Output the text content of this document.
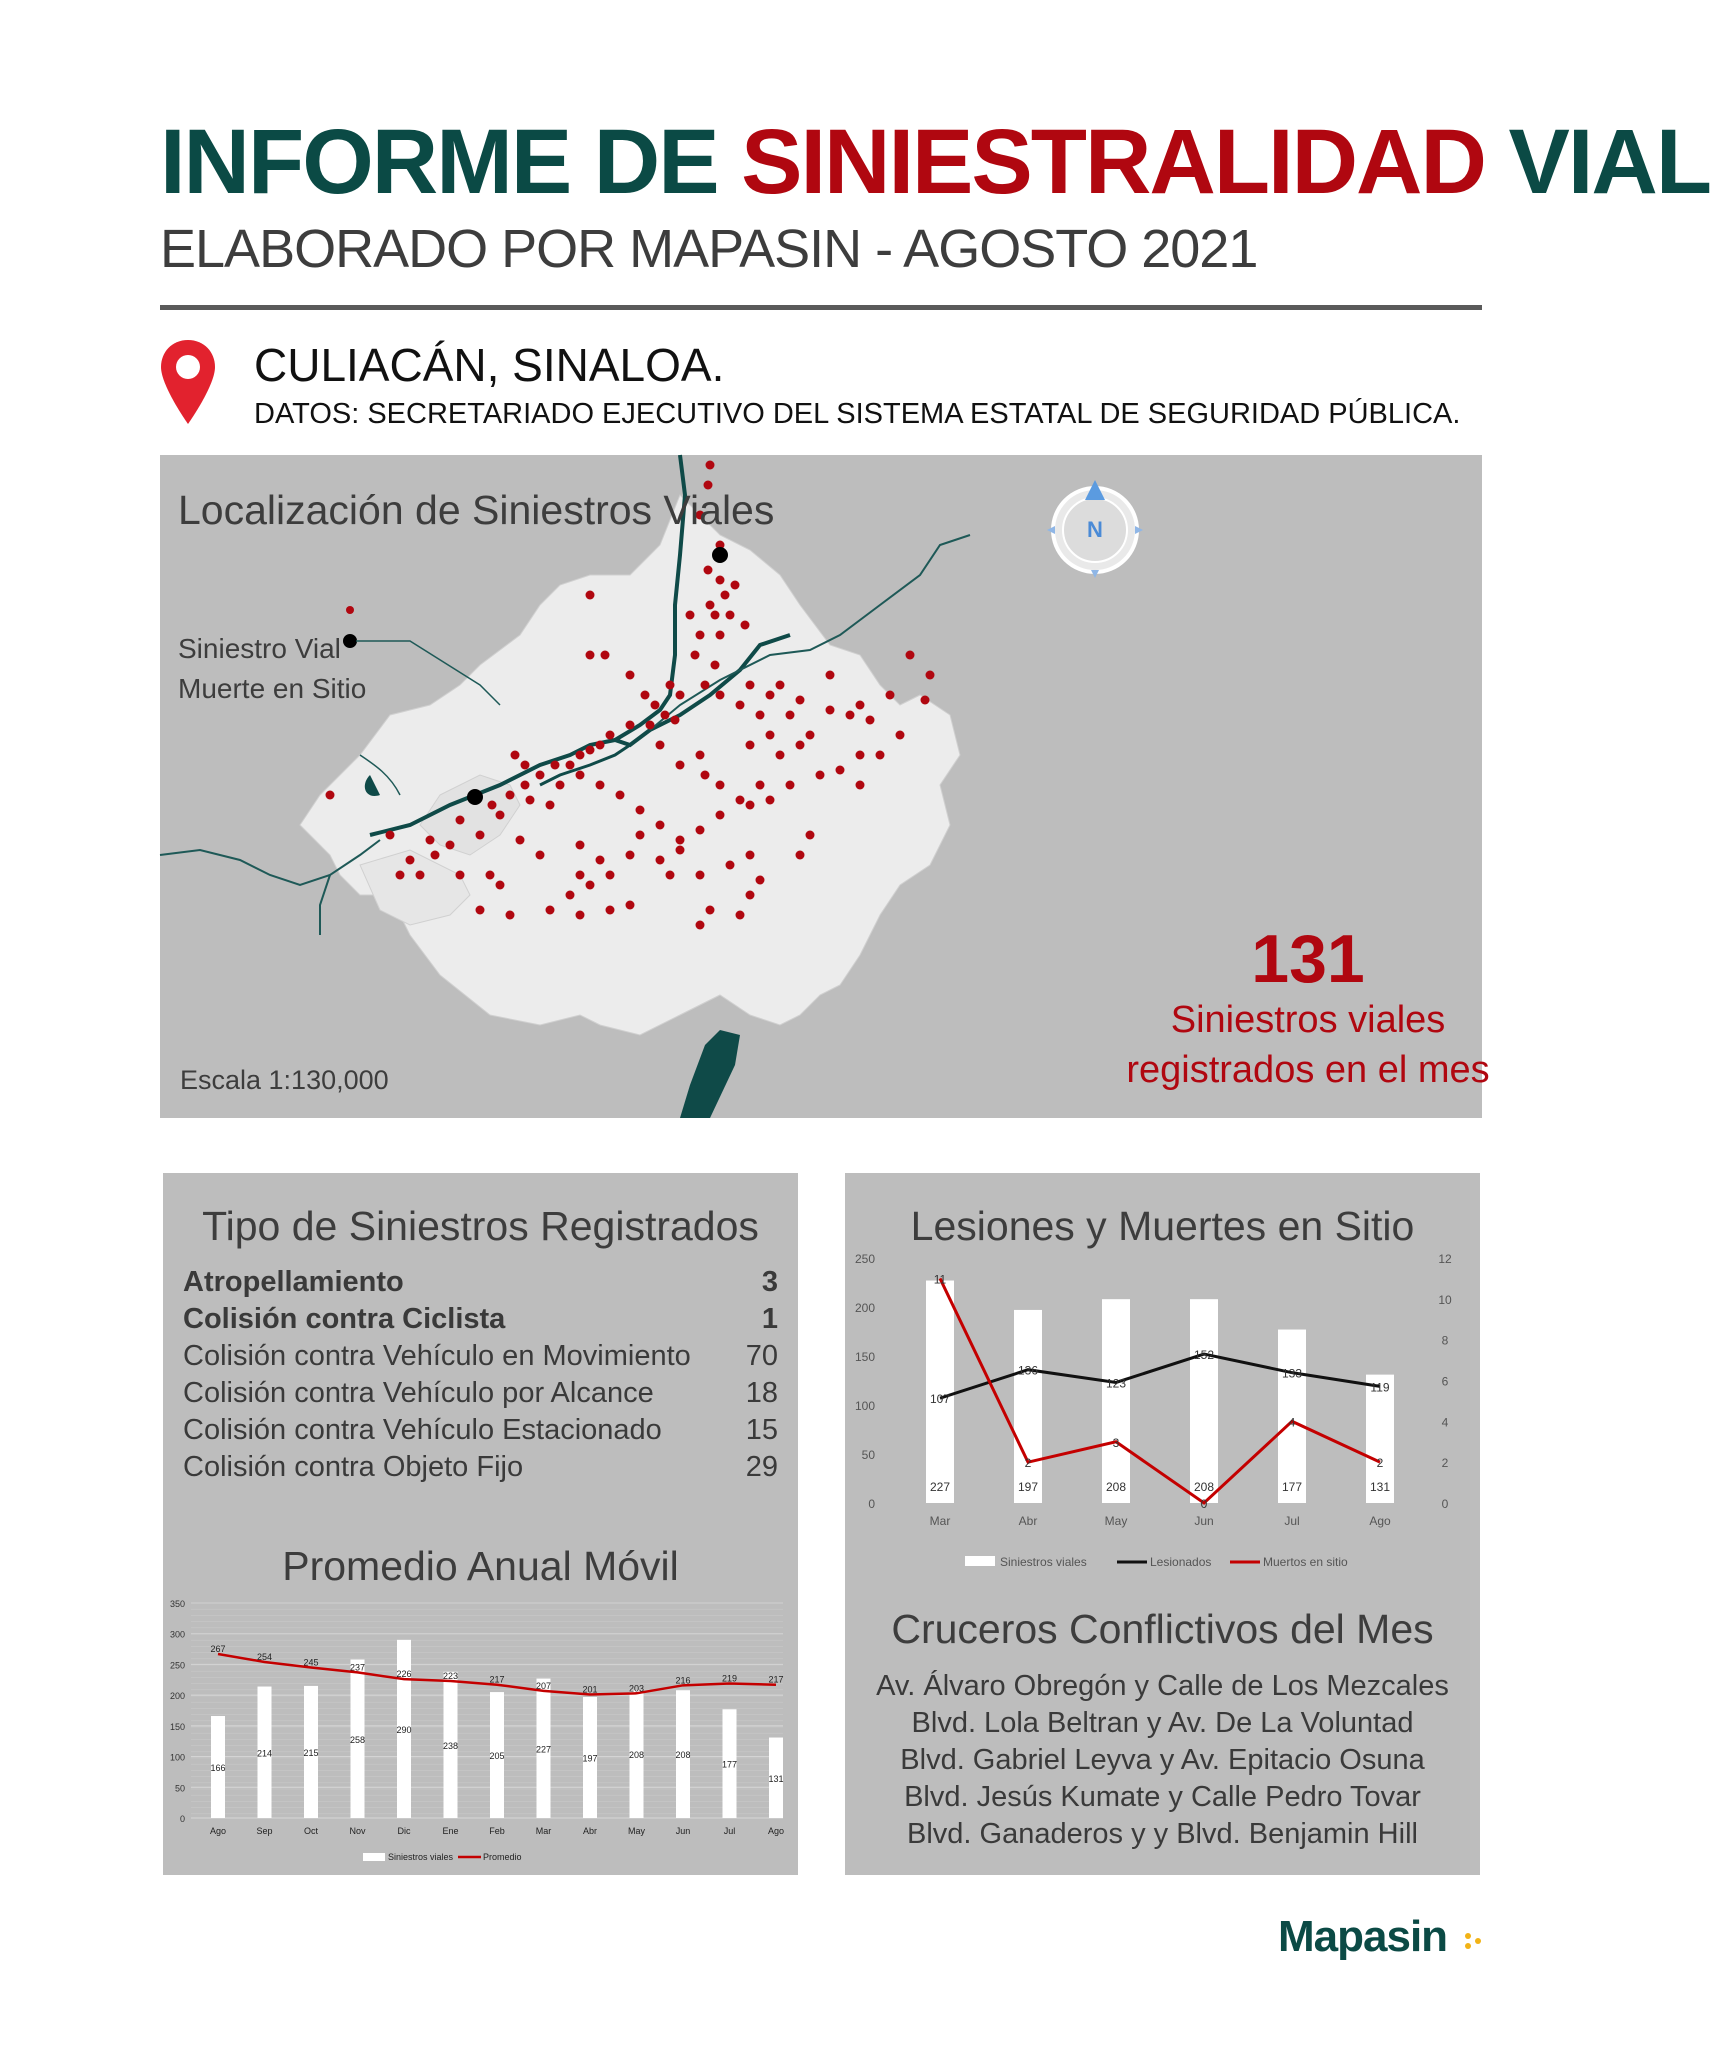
INFORME DE SINIESTRALIDAD VIAL
ELABORADO POR MAPASIN - AGOSTO 2021
CULIACÁN, SINALOA.
DATOS: SECRETARIADO EJECUTIVO DEL SISTEMA ESTATAL DE SEGURIDAD PÚBLICA.
N
Localización de Siniestros Viales
Siniestro Vial
Muerte en Sitio
Escala 1:130,000
131
Siniestros viales
registrados en el mes
Tipo de Siniestros Registrados
Atropellamiento	3
Colisión contra Ciclista	1
Colisión contra Vehículo en Movimiento 70
Colisión contra Vehículo por Alcance	18
Colisión contra Vehículo Estacionado	15
Colisión contra Objeto Fijo	29
Promedio Anual Móvil
0
50
100
150
200
250
300
350
166
Ago
214
Sep
215
Oct
258
Nov
290
Dic
238
Ene
205
Feb
227
Mar
197
Abr
208
May
208
Jun
177
Jul
131
Ago
267
254
245	237
226	223	217
207	201	203
216	219	217
Siniestros viales	Promedio
Lesiones y Muertes en Sitio
0
50
100
150
200
250
0
2
4
6
8
10
12
227
Mar
197
Abr
208
May
208
Jun
177
Jul
131
Ago
107
136
123
152
133
119
11
2
3
0
4
2
Siniestros viales	Lesionados	Muertos en sitio
Cruceros Conflictivos del Mes
Av. Álvaro Obregón y Calle de Los Mezcales
Blvd. Lola Beltran y Av. De La Voluntad
Blvd. Gabriel Leyva y Av. Epitacio Osuna
Blvd. Jesús Kumate y Calle Pedro Tovar
Blvd. Ganaderos y y Blvd. Benjamin Hill
Mapasin
